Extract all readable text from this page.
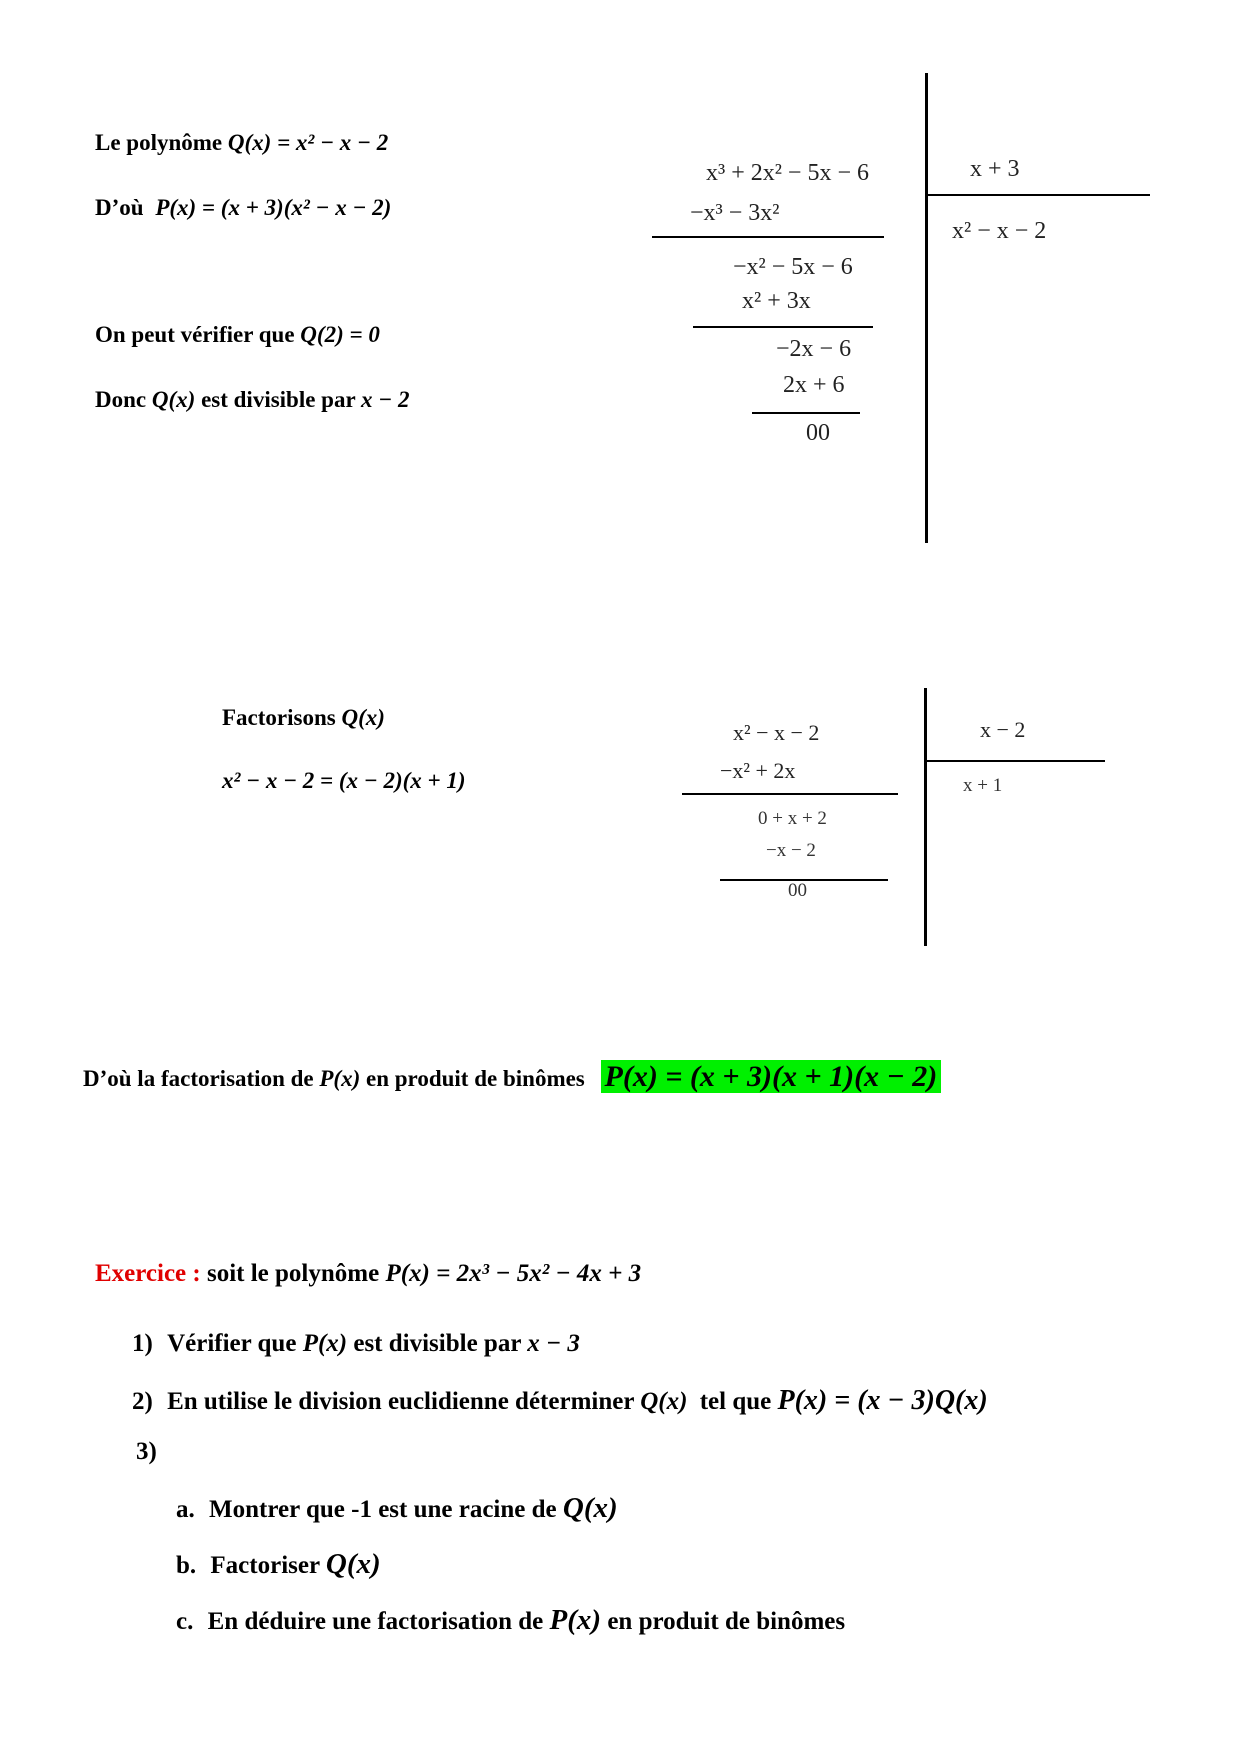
Le polynôme Q(x) = x² − x − 2
D’où P(x) = (x + 3)(x² − x − 2)
On peut vérifier que Q(2) = 0
Donc Q(x) est divisible par x − 2
x + 3
x² − x − 2
x³ + 2x² − 5x − 6
−x³ − 3x²
−x² − 5x − 6
x² + 3x
−2x − 6
2x + 6
00
Factorisons Q(x)
x² − x − 2 = (x − 2)(x + 1)
x − 2
x + 1
x² − x − 2
−x² + 2x
0 + x + 2
−x − 2
00
D’où la factorisation de P(x) en produit de binômes P(x) = (x + 3)(x + 1)(x − 2)
Exercice : soit le polynôme P(x) = 2x³ − 5x² − 4x + 3
1) Vérifier que P(x) est divisible par x − 3
2) En utilise le division euclidienne déterminer Q(x) tel que P(x) = (x − 3)Q(x)
3)
a. Montrer que -1 est une racine de Q(x)
b. Factoriser Q(x)
c. En déduire une factorisation de P(x) en produit de binômes
